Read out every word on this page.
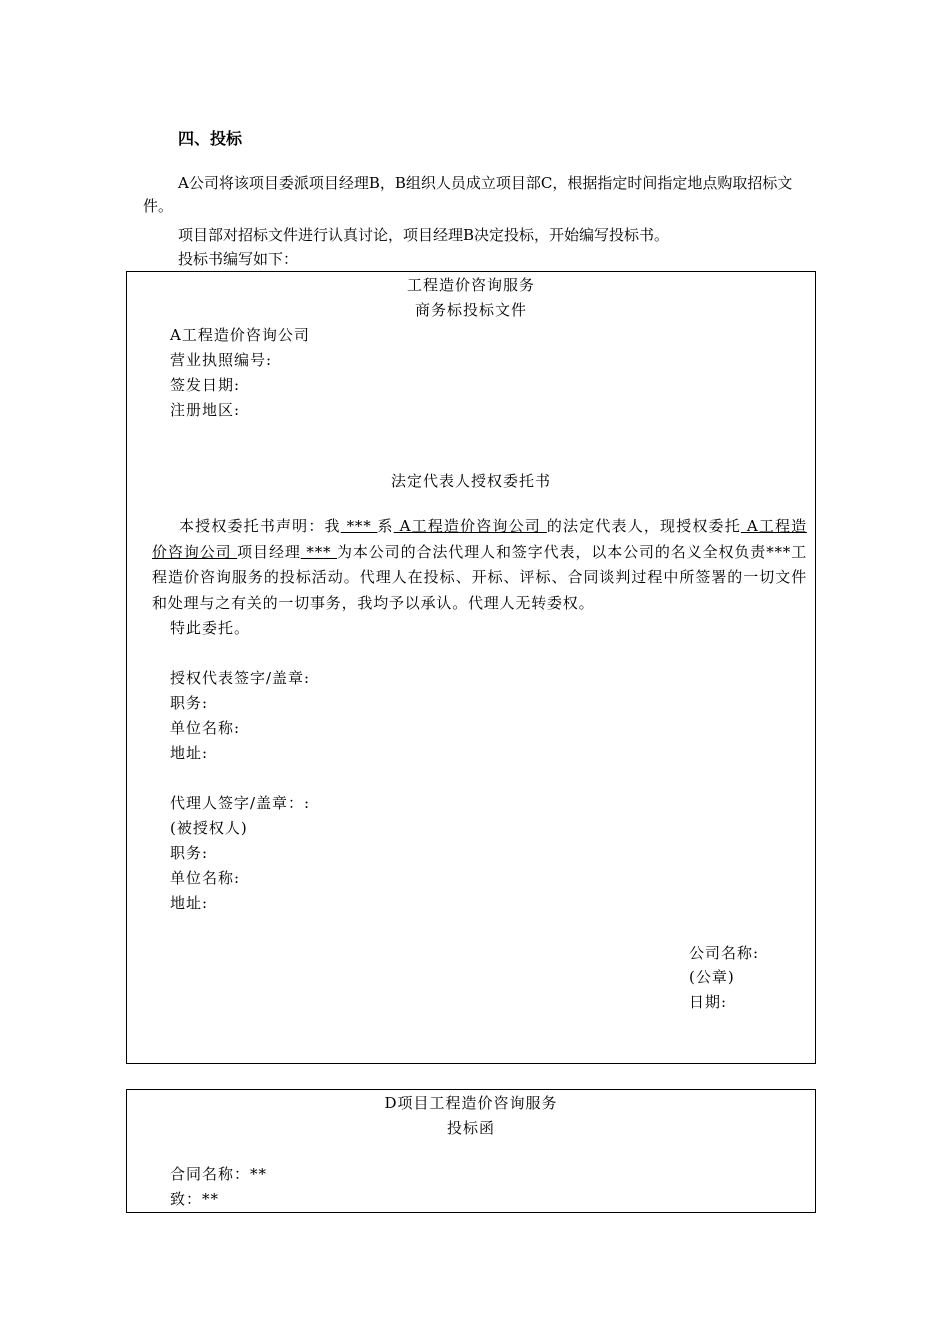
四、投标
A公司将该项目委派项目经理B，B组织人员成立项目部C，根据指定时间指定地点购取招标文件。
项目部对招标文件进行认真讨论，项目经理B决定投标，开始编写投标书。
投标书编写如下：
工程造价咨询服务
商务标投标文件
A工程造价咨询公司
营业执照编号:
签发日期:
注册地区:
法定代表人授权委托书
本授权委托书声明：我 *** 系 A工程造价咨询公司 的法定代表人，现授权委托 A工程造价咨询公司 项目经理 *** 为本公司的合法代理人和签字代表，以本公司的名义全权负责***工程造价咨询服务的投标活动。代理人在投标、开标、评标、合同谈判过程中所签署的一切文件和处理与之有关的一切事务，我均予以承认。代理人无转委权。
特此委托。
授权代表签字/盖章:
职务:
单位名称:
地址:
代理人签字/盖章：:
(被授权人)
职务:
单位名称:
地址:
公司名称:
(公章)
日期:
D项目工程造价咨询服务
投标函
合同名称：**
致：**
